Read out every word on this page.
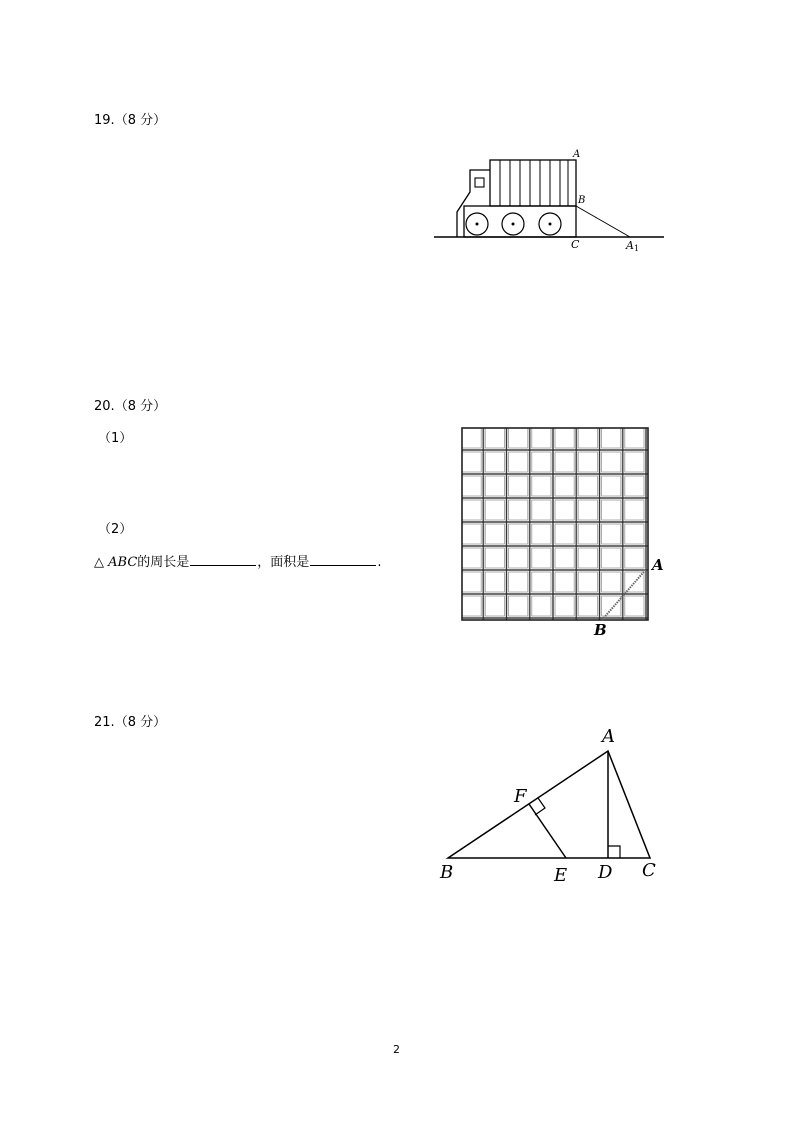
19.（8 分）
A
B
C	A1
20.（8 分）
（1）
（2）
△ ABC的周长是	，面积是	.	A
B
21.（8 分）
A
B	C
D
E
F
2
